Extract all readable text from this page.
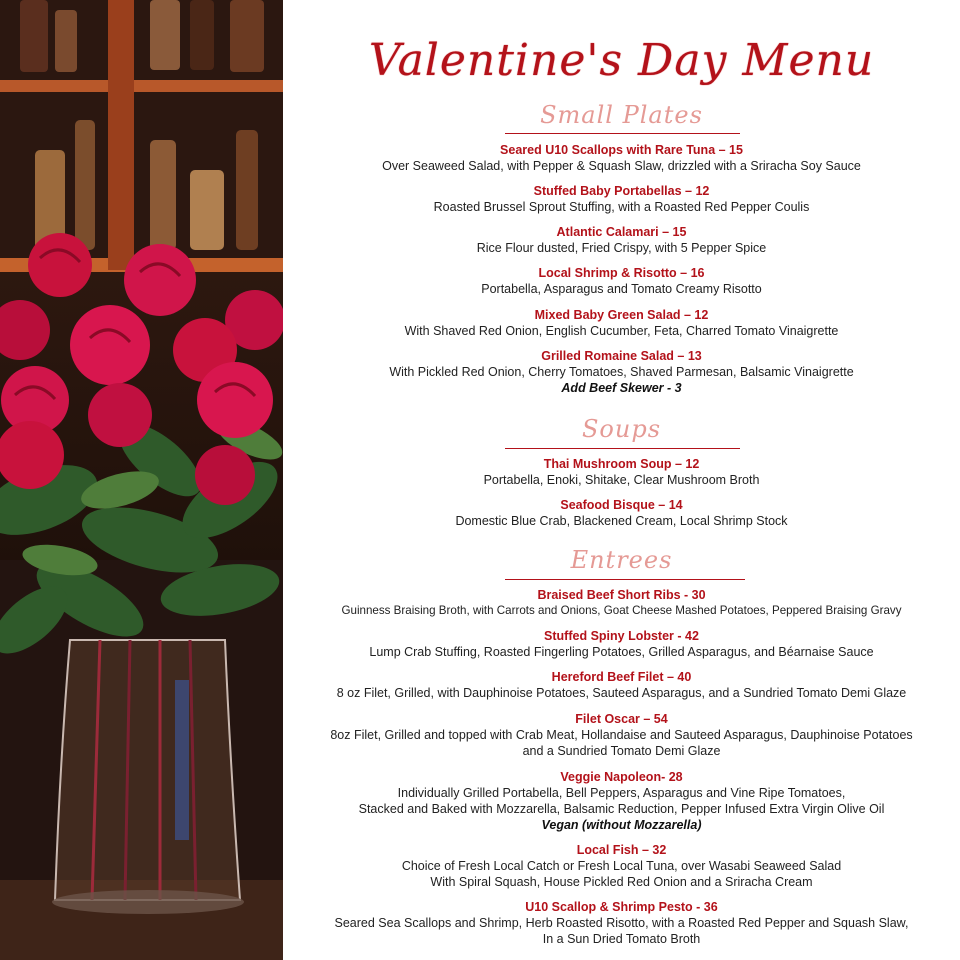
Valentine's Day Menu
Small Plates
Seared U10 Scallops with Rare Tuna – 15
Over Seaweed Salad, with Pepper & Squash Slaw, drizzled with a Sriracha Soy Sauce
Stuffed Baby Portabellas – 12
Roasted Brussel Sprout Stuffing, with a Roasted Red Pepper Coulis
Atlantic Calamari – 15
Rice Flour dusted, Fried Crispy, with 5 Pepper Spice
Local Shrimp & Risotto – 16
Portabella, Asparagus and Tomato Creamy Risotto
Mixed Baby Green Salad – 12
With Shaved Red Onion, English Cucumber, Feta, Charred Tomato Vinaigrette
Grilled Romaine Salad – 13
With Pickled Red Onion, Cherry Tomatoes, Shaved Parmesan, Balsamic Vinaigrette
Add Beef Skewer - 3
Soups
Thai Mushroom Soup – 12
Portabella, Enoki, Shitake, Clear Mushroom Broth
Seafood Bisque – 14
Domestic Blue Crab, Blackened Cream, Local Shrimp Stock
Entrees
Braised Beef Short Ribs - 30
Guinness Braising Broth, with Carrots and Onions, Goat Cheese Mashed Potatoes, Peppered Braising Gravy
Stuffed Spiny Lobster - 42
Lump Crab Stuffing, Roasted Fingerling Potatoes, Grilled Asparagus, and Béarnaise Sauce
Hereford Beef Filet – 40
8 oz Filet, Grilled, with Dauphinoise Potatoes, Sauteed Asparagus, and a Sundried Tomato Demi Glaze
Filet Oscar – 54
8oz Filet, Grilled and topped with Crab Meat, Hollandaise and Sauteed Asparagus, Dauphinoise Potatoes
and a Sundried Tomato Demi Glaze
Veggie Napoleon- 28
Individually Grilled Portabella, Bell Peppers, Asparagus and Vine Ripe Tomatoes,
Stacked and Baked with Mozzarella, Balsamic Reduction, Pepper Infused Extra Virgin Olive Oil
Vegan (without Mozzarella)
Local Fish – 32
Choice of Fresh Local Catch or Fresh Local Tuna, over Wasabi Seaweed Salad
With Spiral Squash, House Pickled Red Onion and a Sriracha Cream
U10 Scallop & Shrimp Pesto - 36
Seared Sea Scallops and Shrimp, Herb Roasted Risotto, with a Roasted Red Pepper and Squash Slaw,
In a Sun Dried Tomato Broth
